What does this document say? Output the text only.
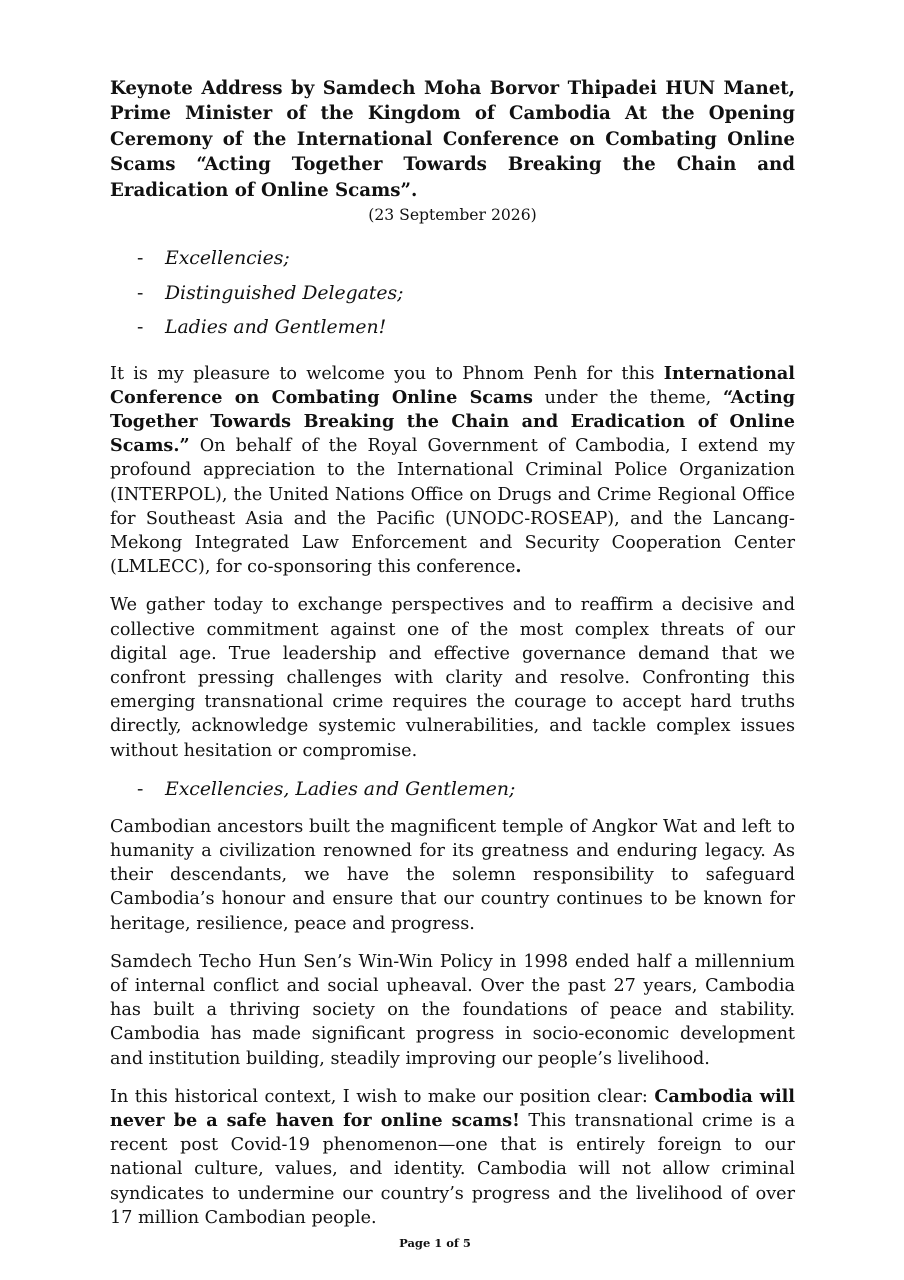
Keynote Address by Samdech Moha Borvor Thipadei HUN Manet, Prime Minister of the Kingdom of Cambodia At the Opening Ceremony of the International Conference on Combating Online Scams “Acting Together Towards Breaking the Chain and Eradication of Online Scams”.

(23 September 2026)

- Excellencies;
- Distinguished Delegates;
- Ladies and Gentlemen!

It is my pleasure to welcome you to Phnom Penh for this International Conference on Combating Online Scams under the theme, “Acting Together Towards Breaking the Chain and Eradication of Online Scams.” On behalf of the Royal Government of Cambodia, I extend my profound appreciation to the International Criminal Police Organization (INTERPOL), the United Nations Office on Drugs and Crime Regional Office for Southeast Asia and the Pacific (UNODC-ROSEAP), and the Lancang-Mekong Integrated Law Enforcement and Security Cooperation Center (LMLECC), for co-sponsoring this conference.

We gather today to exchange perspectives and to reaffirm a decisive and collective commitment against one of the most complex threats of our digital age. True leadership and effective governance demand that we confront pressing challenges with clarity and resolve. Confronting this emerging transnational crime requires the courage to accept hard truths directly, acknowledge systemic vulnerabilities, and tackle complex issues without hesitation or compromise.

- Excellencies, Ladies and Gentlemen;

Cambodian ancestors built the magnificent temple of Angkor Wat and left to humanity a civilization renowned for its greatness and enduring legacy. As their descendants, we have the solemn responsibility to safeguard Cambodia’s honour and ensure that our country continues to be known for heritage, resilience, peace and progress.

Samdech Techo Hun Sen’s Win-Win Policy in 1998 ended half a millennium of internal conflict and social upheaval. Over the past 27 years, Cambodia has built a thriving society on the foundations of peace and stability. Cambodia has made significant progress in socio-economic development and institution building, steadily improving our people’s livelihood.

In this historical context, I wish to make our position clear: Cambodia will never be a safe haven for online scams! This transnational crime is a recent post Covid-19 phenomenon—one that is entirely foreign to our national culture, values, and identity. Cambodia will not allow criminal syndicates to undermine our country’s progress and the livelihood of over 17 million Cambodian people.

Page 1 of 5
